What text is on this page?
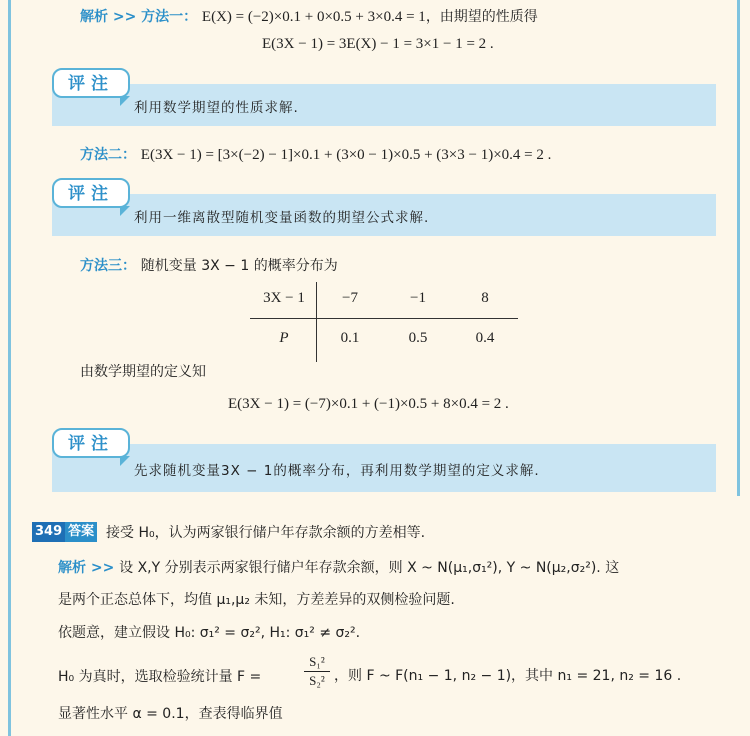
解析 >> 方法一： E(X) = (−2)×0.1 + 0×0.5 + 3×0.4 = 1，由期望的性质得
E(3X − 1) = 3E(X) − 1 = 3×1 − 1 = 2 .
利用数学期望的性质求解.
评注
方法二： E(3X − 1) = [3×(−2) − 1]×0.1 + (3×0 − 1)×0.5 + (3×3 − 1)×0.4 = 2 .
利用一维离散型随机变量函数的期望公式求解.
评注
方法三： 随机变量 3X − 1 的概率分布为
3X − 1	−7	−1	8
P	0.1	0.5	0.4
由数学期望的定义知
E(3X − 1) = (−7)×0.1 + (−1)×0.5 + 8×0.4 = 2 .
先求随机变量3X − 1的概率分布，再利用数学期望的定义求解.
评注
349 答案 接受 H₀，认为两家银行储户年存款余额的方差相等.
解析 >> 设 X,Y 分别表示两家银行储户年存款余额，则 X ~ N(μ₁,σ₁²), Y ~ N(μ₂,σ₂²). 这
是两个正态总体下，均值 μ₁,μ₂ 未知，方差差异的双侧检验问题.
依题意，建立假设 H₀: σ₁² = σ₂², H₁: σ₁² ≠ σ₂².
H₀ 为真时，选取检验统计量 F =
S₁²
S₂² ，则 F ~ F(n₁ − 1, n₂ − 1)，其中 n₁ = 21, n₂ = 16 .
显著性水平 α = 0.1，查表得临界值
